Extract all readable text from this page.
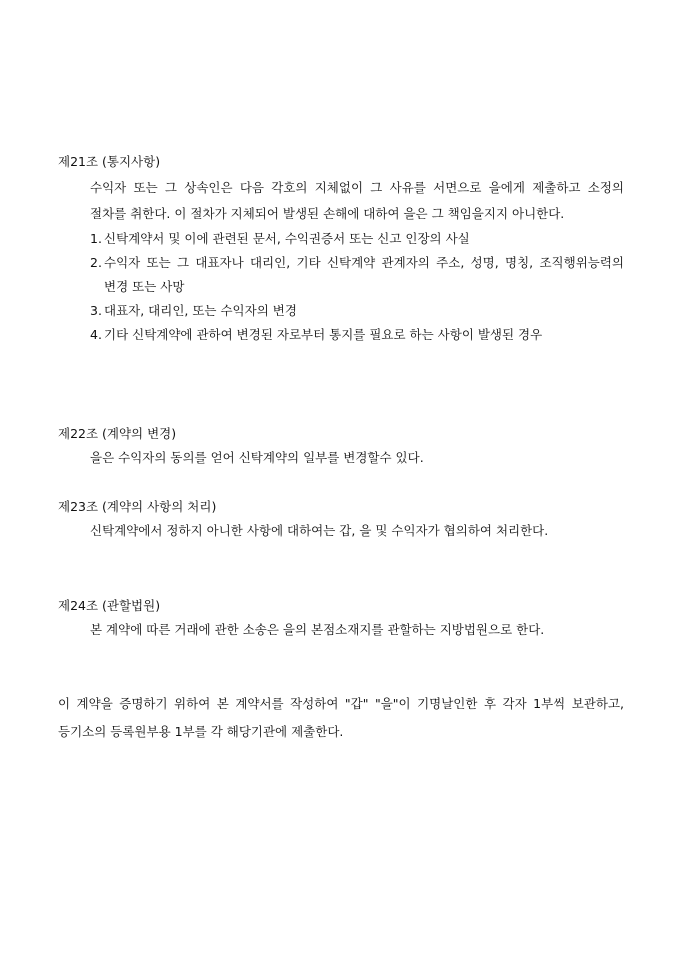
제21조 (통지사항)
수익자 또는 그 상속인은 다음 각호의 지체없이 그 사유를 서면으로 을에게 제출하고 소정의 절차를 취한다. 이 절차가 지체되어 발생된 손해에 대하여 을은 그 책임을지지 아니한다.
1. 신탁계약서 및 이에 관련된 문서, 수익권증서 또는 신고 인장의 사실
2. 수익자 또는 그 대표자나 대리인, 기타 신탁계약 관계자의 주소, 성명, 명칭, 조직행위능력의 변경 또는 사망
3. 대표자, 대리인, 또는 수익자의 변경
4. 기타 신탁계약에 관하여 변경된 자로부터 통지를 필요로 하는 사항이 발생된 경우
제22조 (계약의 변경)
을은 수익자의 동의를 얻어 신탁계약의 일부를 변경할수 있다.
제23조 (계약의 사항의 처리)
신탁계약에서 정하지 아니한 사항에 대하여는 갑, 을 및 수익자가 협의하여 처리한다.
제24조 (관할법원)
본 계약에 따른 거래에 관한 소송은 을의 본점소재지를 관할하는 지방법원으로 한다.
이 계약을 증명하기 위하여 본 계약서를 작성하여 "갑" "을"이 기명날인한 후 각자 1부씩 보관하고, 등기소의 등록원부용 1부를 각 해당기관에 제출한다.
